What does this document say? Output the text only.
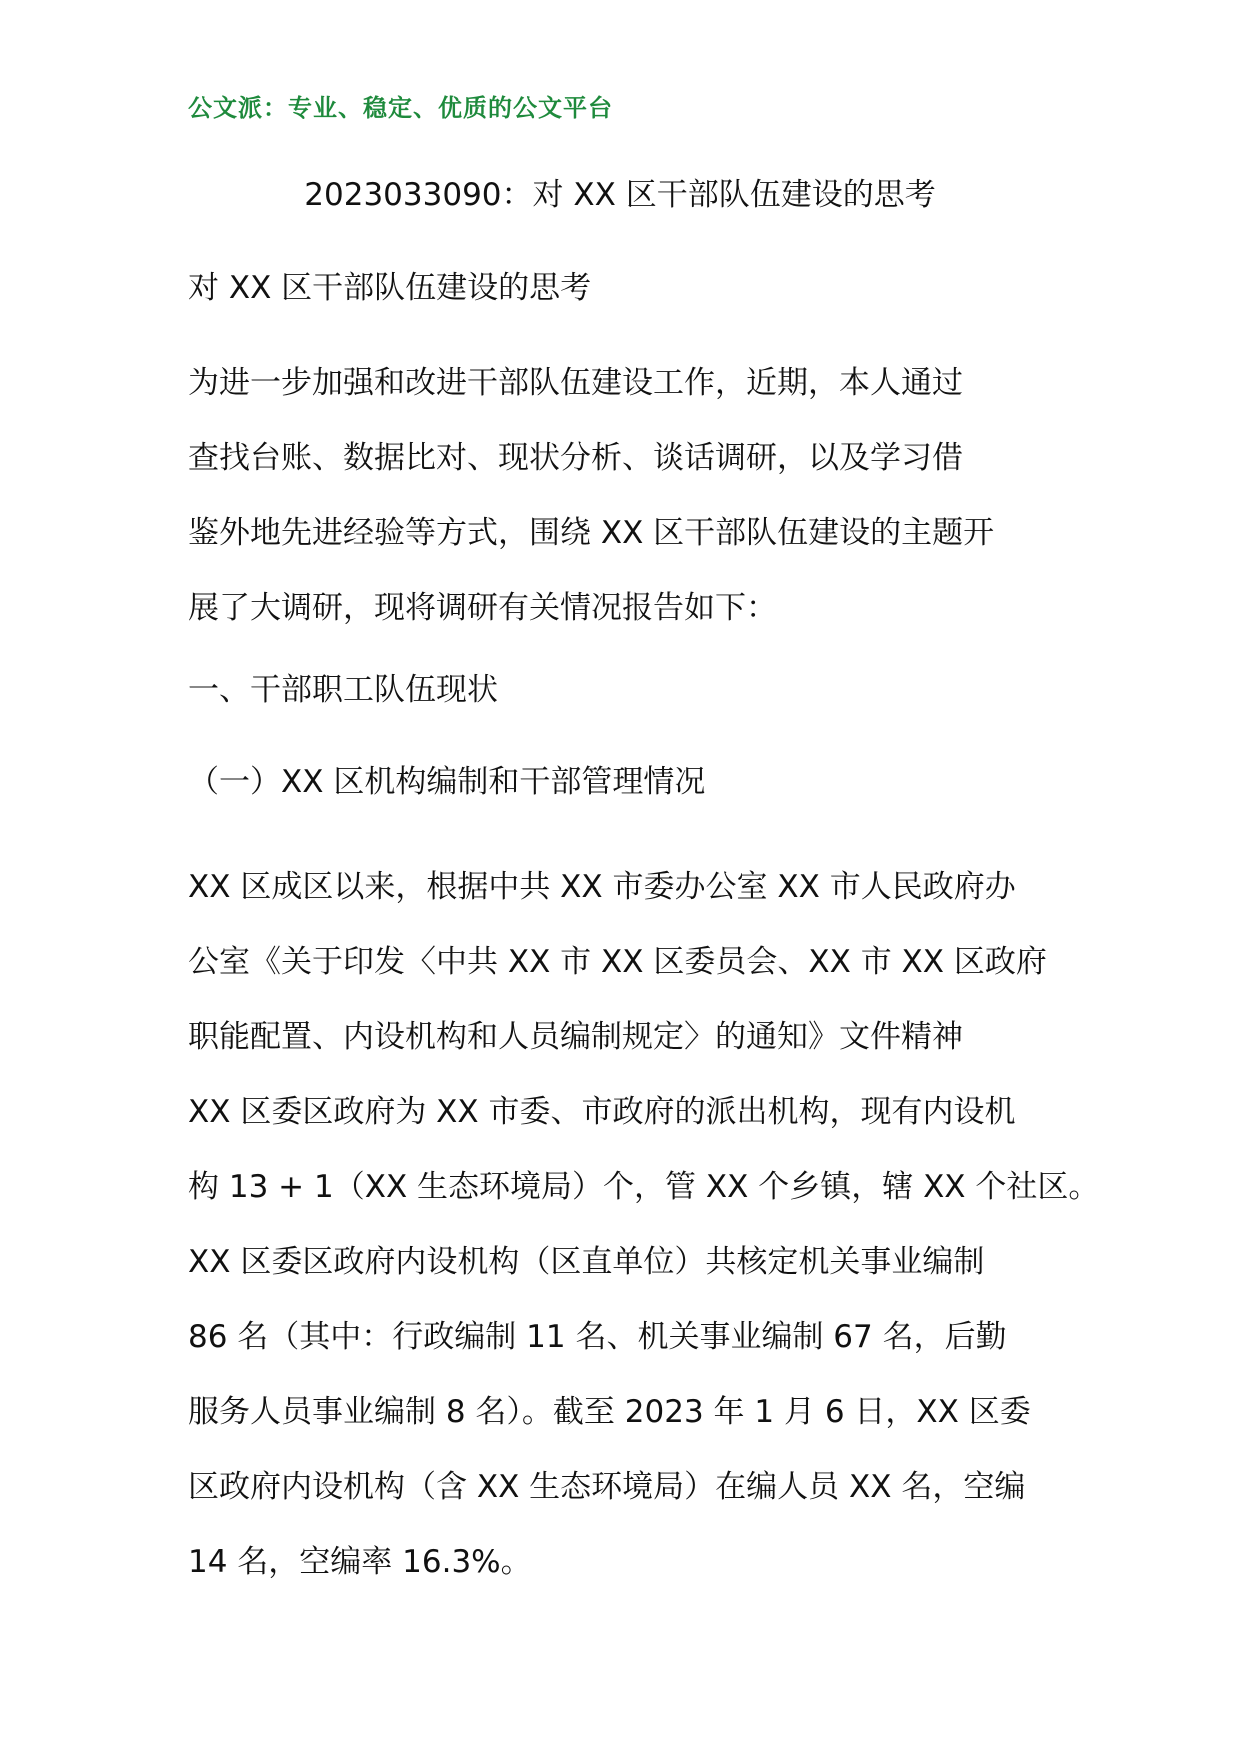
公文派：专业、稳定、优质的公文平台
2023033090：对 XX 区干部队伍建设的思考
对 XX 区干部队伍建设的思考
为进一步加强和改进干部队伍建设工作，近期，本人通过
查找台账、数据比对、现状分析、谈话调研，以及学习借
鉴外地先进经验等方式，围绕 XX 区干部队伍建设的主题开
展了大调研，现将调研有关情况报告如下：
一、干部职工队伍现状
（一）XX 区机构编制和干部管理情况
XX 区成区以来，根据中共 XX 市委办公室 XX 市人民政府办
公室《关于印发〈中共 XX 市 XX 区委员会、XX 市 XX 区政府
职能配置、内设机构和人员编制规定〉的通知》文件精神
XX 区委区政府为 XX 市委、市政府的派出机构，现有内设机
构 13 + 1（XX 生态环境局）个，管 XX 个乡镇，辖 XX 个社区。
XX 区委区政府内设机构（区直单位）共核定机关事业编制
86 名（其中：行政编制 11 名、机关事业编制 67 名，后勤
服务人员事业编制 8 名）。截至 2023 年 1 月 6 日，XX 区委
区政府内设机构（含 XX 生态环境局）在编人员 XX 名，空编
14 名，空编率 16.3%。
